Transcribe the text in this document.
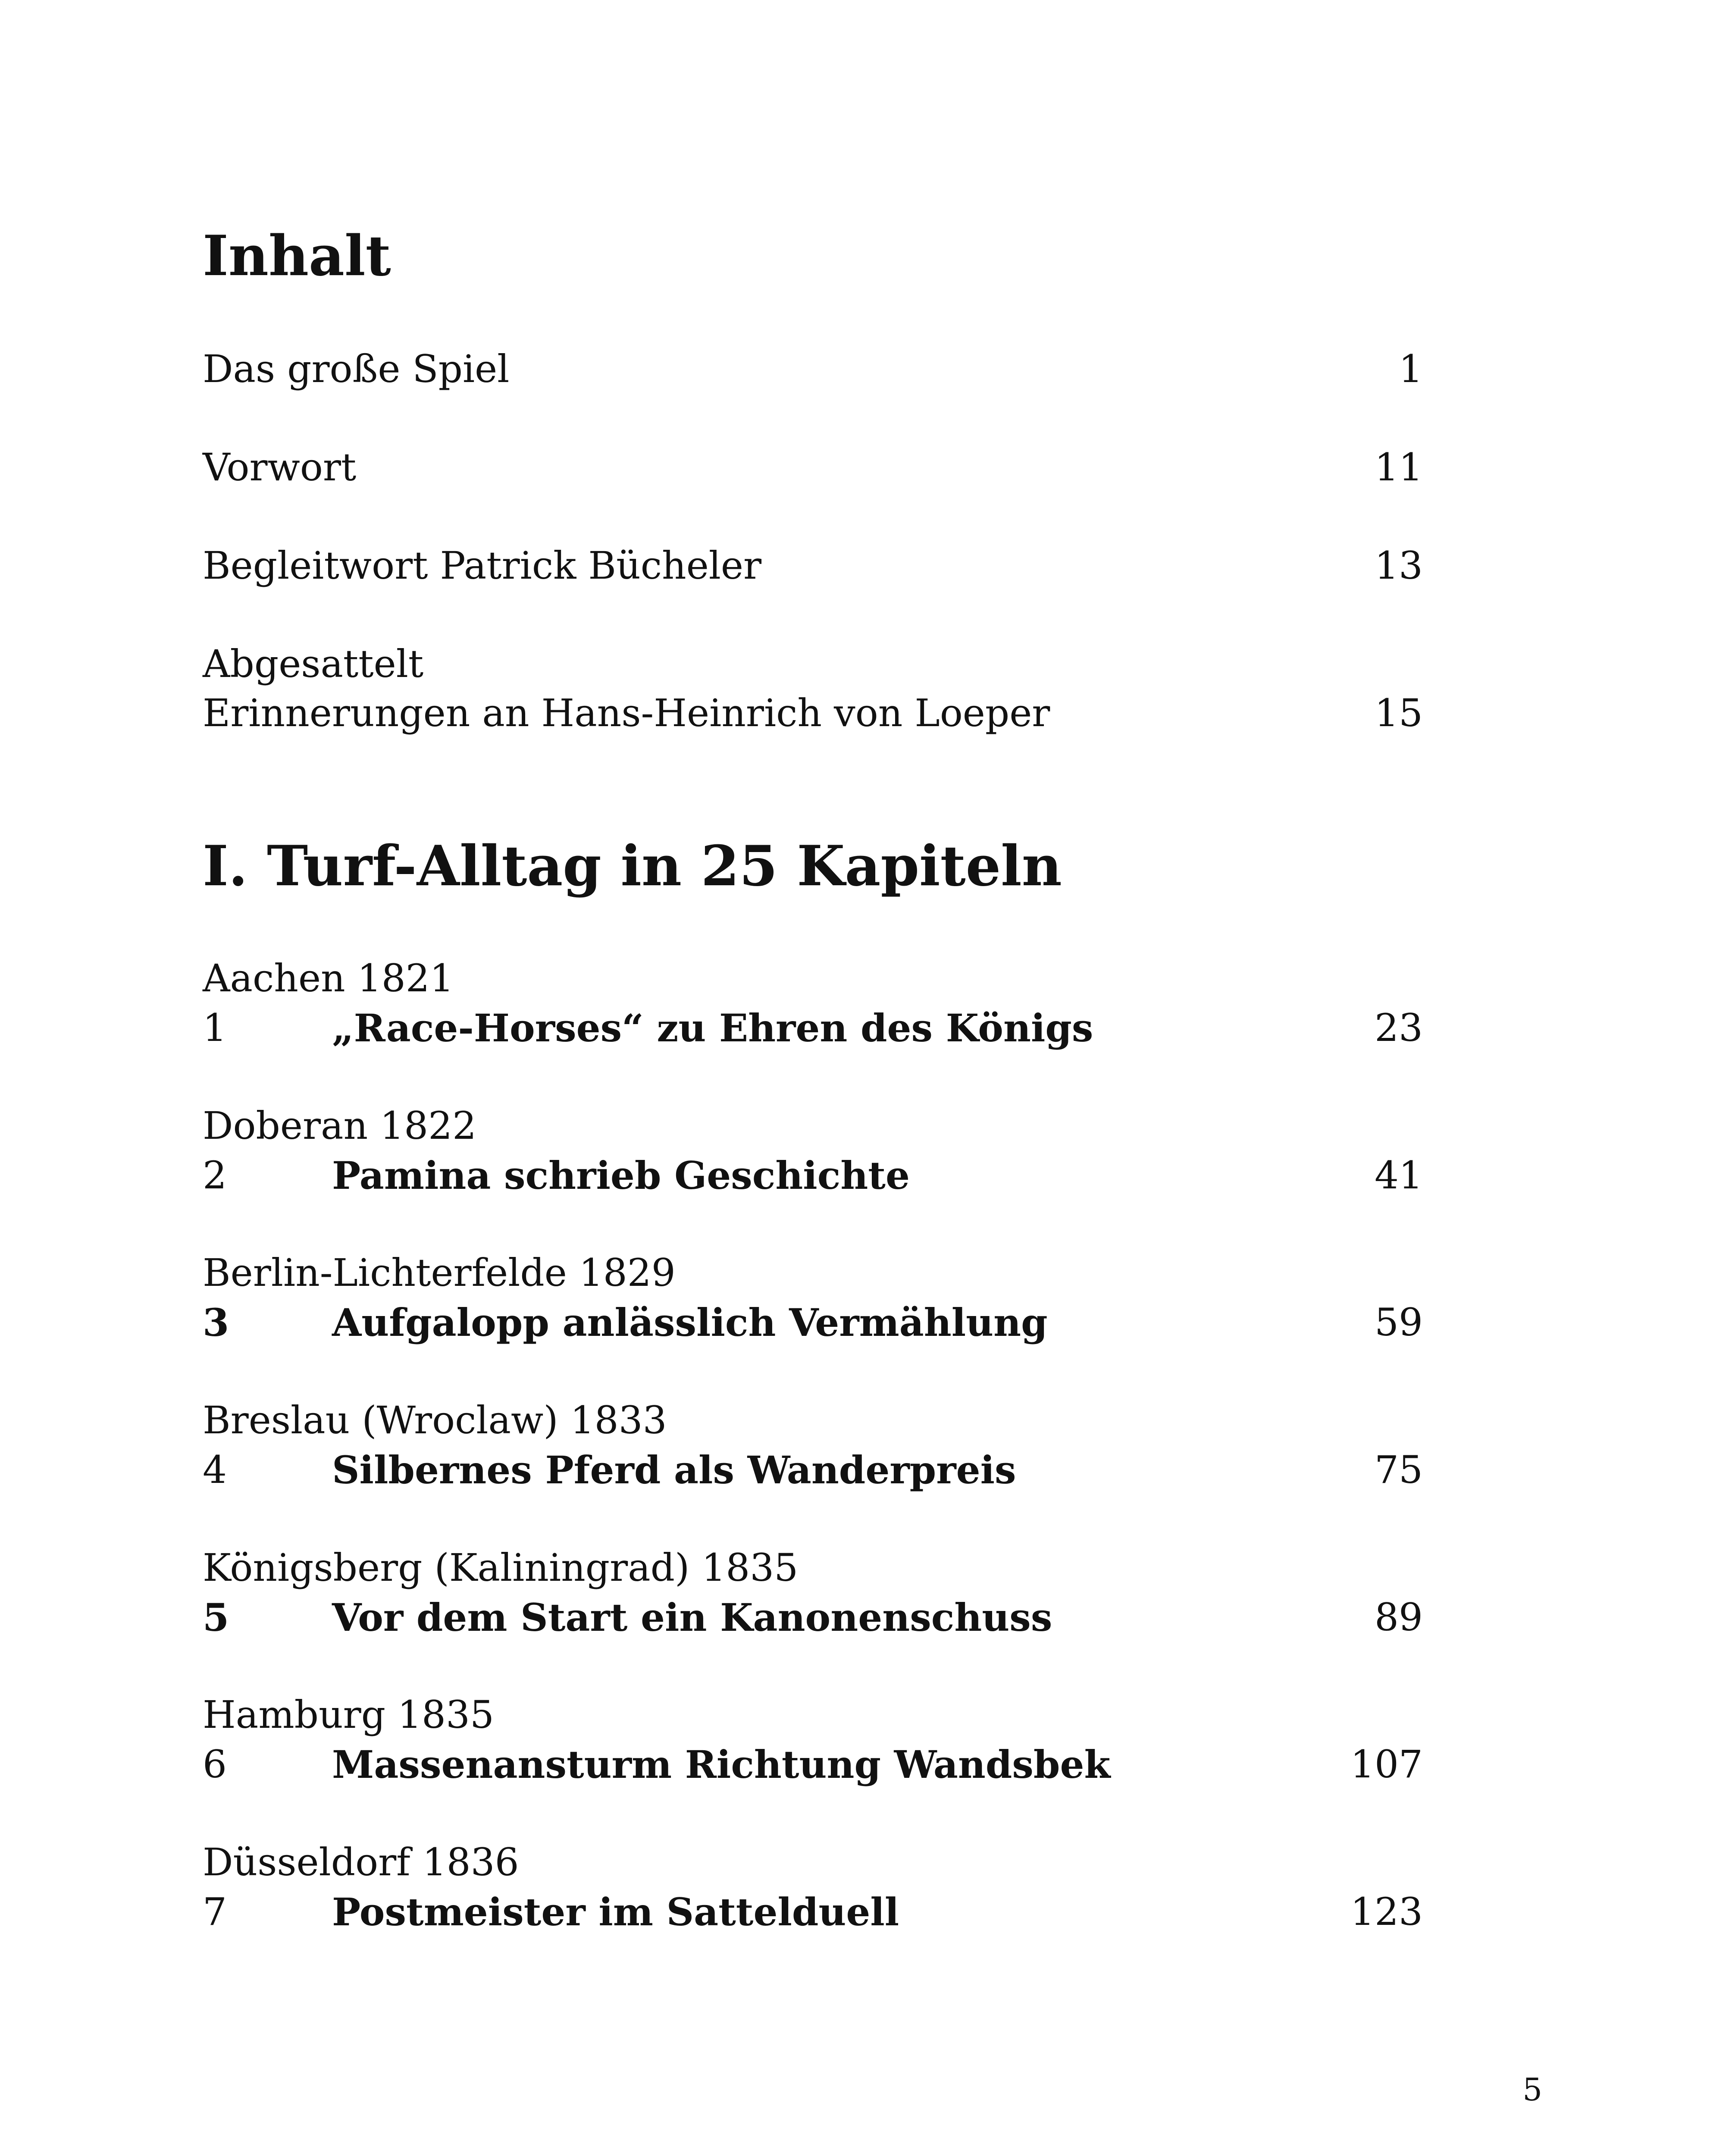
Inhalt
Das große Spiel	1
Vorwort	11
Begleitwort Patrick Bücheler	13
Abgesattelt
Erinnerungen an Hans-Heinrich von Loeper	15
I. Turf-Alltag in 25 Kapiteln
Aachen 1821
1	„Race-Horses“ zu Ehren des Königs	23
Doberan 1822
2	Pamina schrieb Geschichte	41
Berlin-Lichterfelde 1829
3	Aufgalopp anlässlich Vermählung	59
Breslau (Wroclaw) 1833
4	Silbernes Pferd als Wanderpreis	75
Königsberg (Kaliningrad) 1835
5	Vor dem Start ein Kanonenschuss	89
Hamburg 1835
6	Massenansturm Richtung Wandsbek	107
Düsseldorf 1836
7	Postmeister im Sattelduell	123
5
